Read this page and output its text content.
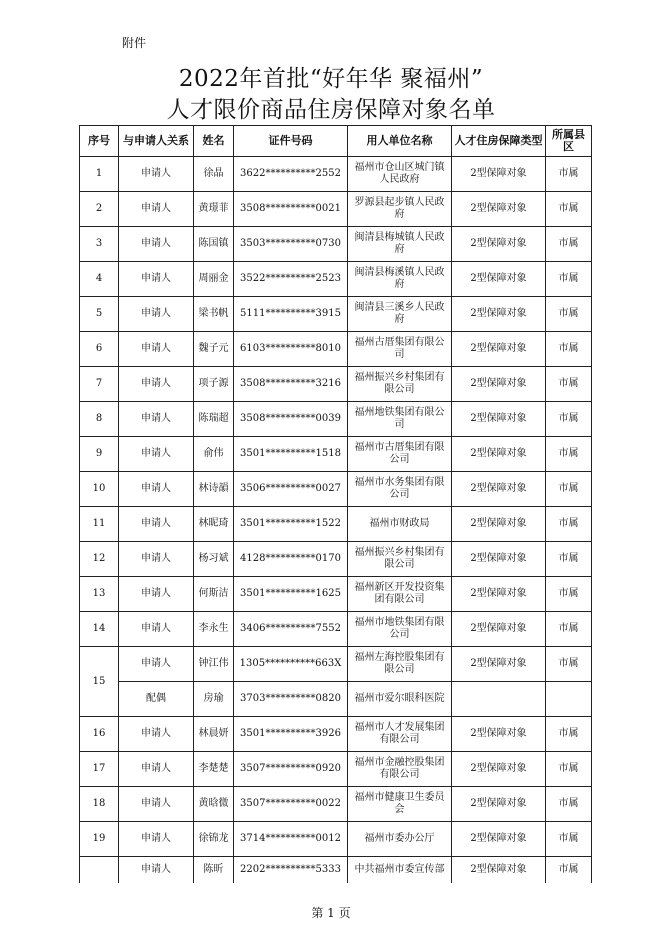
附件
2022年首批“好年华 聚福州”
人才限价商品住房保障对象名单
序号	与申请人关系	姓名	证件号码	用人单位名称	人才住房保障类型	所属县区
1	申请人	徐晶	3622**********2552	福州市仓山区城门镇人民政府	2型保障对象	市属
2	申请人	黄璟菲	3508**********0021	罗源县起步镇人民政府	2型保障对象	市属
3	申请人	陈国镇	3503**********0730	闽清县梅城镇人民政府	2型保障对象	市属
4	申请人	周丽金	3522**********2523	闽清县梅溪镇人民政府	2型保障对象	市属
5	申请人	梁书帆	5111**********3915	闽清县三溪乡人民政府	2型保障对象	市属
6	申请人	魏子元	6103**********8010	福州古厝集团有限公司	2型保障对象	市属
7	申请人	项子源	3508**********3216	福州振兴乡村集团有限公司	2型保障对象	市属
8	申请人	陈瑞超	3508**********0039	福州地铁集团有限公司	2型保障对象	市属
9	申请人	俞伟	3501**********1518	福州市古厝集团有限公司	2型保障对象	市属
10	申请人	林诗韻	3506**********0027	福州市水务集团有限公司	2型保障对象	市属
11	申请人	林昵琦	3501**********1522	福州市财政局	2型保障对象	市属
12	申请人	杨习斌	4128**********0170	福州振兴乡村集团有限公司	2型保障对象	市属
13	申请人	何斯洁	3501**********1625	福州新区开发投资集团有限公司	2型保障对象	市属
14	申请人	李永生	3406**********7552	福州市地铁集团有限公司	2型保障对象	市属
15	申请人	钟江伟	1305**********663X	福州左海控股集团有限公司	2型保障对象	市属
	配偶	房瑜	3703**********0820	福州市爱尔眼科医院		
16	申请人	林晨妍	3501**********3926	福州市人才发展集团有限公司	2型保障对象	市属
17	申请人	李楚楚	3507**********0920	福州市金融控股集团有限公司	2型保障对象	市属
18	申请人	黄晗微	3507**********0022	福州市健康卫生委员会	2型保障对象	市属
19	申请人	徐锦龙	3714**********0012	福州市委办公厅	2型保障对象	市属
	申请人	陈昕	2202**********5333	中共福州市委宣传部	2型保障对象	市属
第 1 页
